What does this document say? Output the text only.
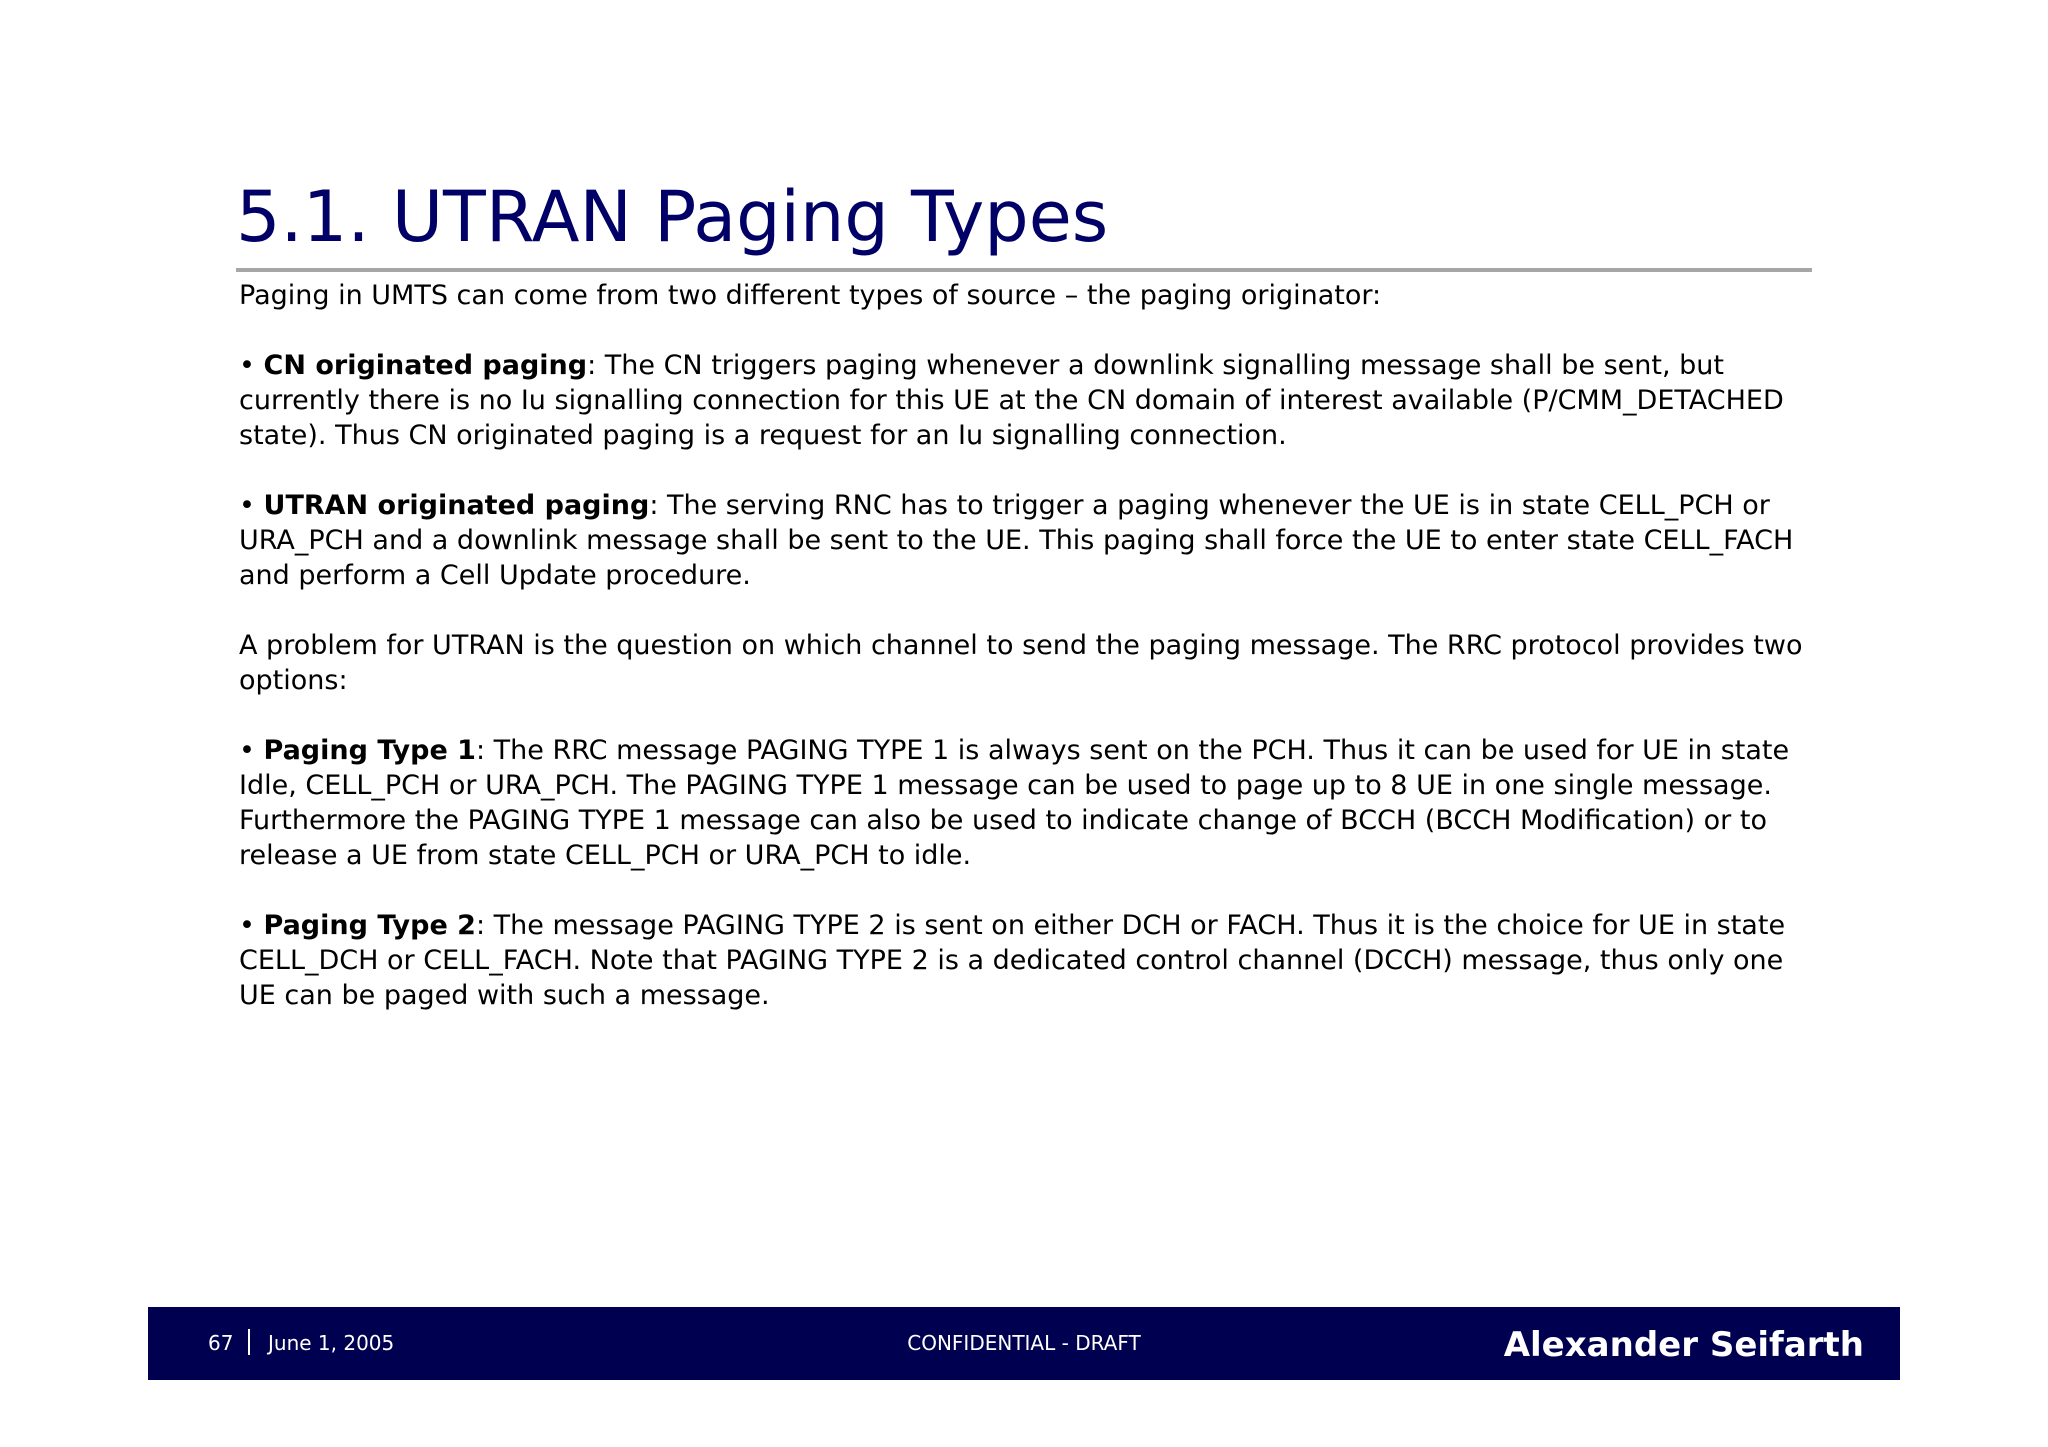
5.1. UTRAN Paging Types

Paging in UMTS can come from two different types of source – the paging originator:

• CN originated paging: The CN triggers paging whenever a downlink signalling message shall be sent, but currently there is no Iu signalling connection for this UE at the CN domain of interest available (P/CMM_DETACHED state). Thus CN originated paging is a request for an Iu signalling connection.

• UTRAN originated paging: The serving RNC has to trigger a paging whenever the UE is in state CELL_PCH or URA_PCH and a downlink message shall be sent to the UE. This paging shall force the UE to enter state CELL_FACH and perform a Cell Update procedure.

A problem for UTRAN is the question on which channel to send the paging message. The RRC protocol provides two options:

• Paging Type 1: The RRC message PAGING TYPE 1 is always sent on the PCH. Thus it can be used for UE in state Idle, CELL_PCH or URA_PCH. The PAGING TYPE 1 message can be used to page up to 8 UE in one single message. Furthermore the PAGING TYPE 1 message can also be used to indicate change of BCCH (BCCH Modification) or to release a UE from state CELL_PCH or URA_PCH to idle.

• Paging Type 2: The message PAGING TYPE 2 is sent on either DCH or FACH. Thus it is the choice for UE in state CELL_DCH or CELL_FACH. Note that PAGING TYPE 2 is a dedicated control channel (DCCH) message, thus only one UE can be paged with such a message.

67 June 1, 2005	CONFIDENTIAL - DRAFT	Alexander Seifarth
